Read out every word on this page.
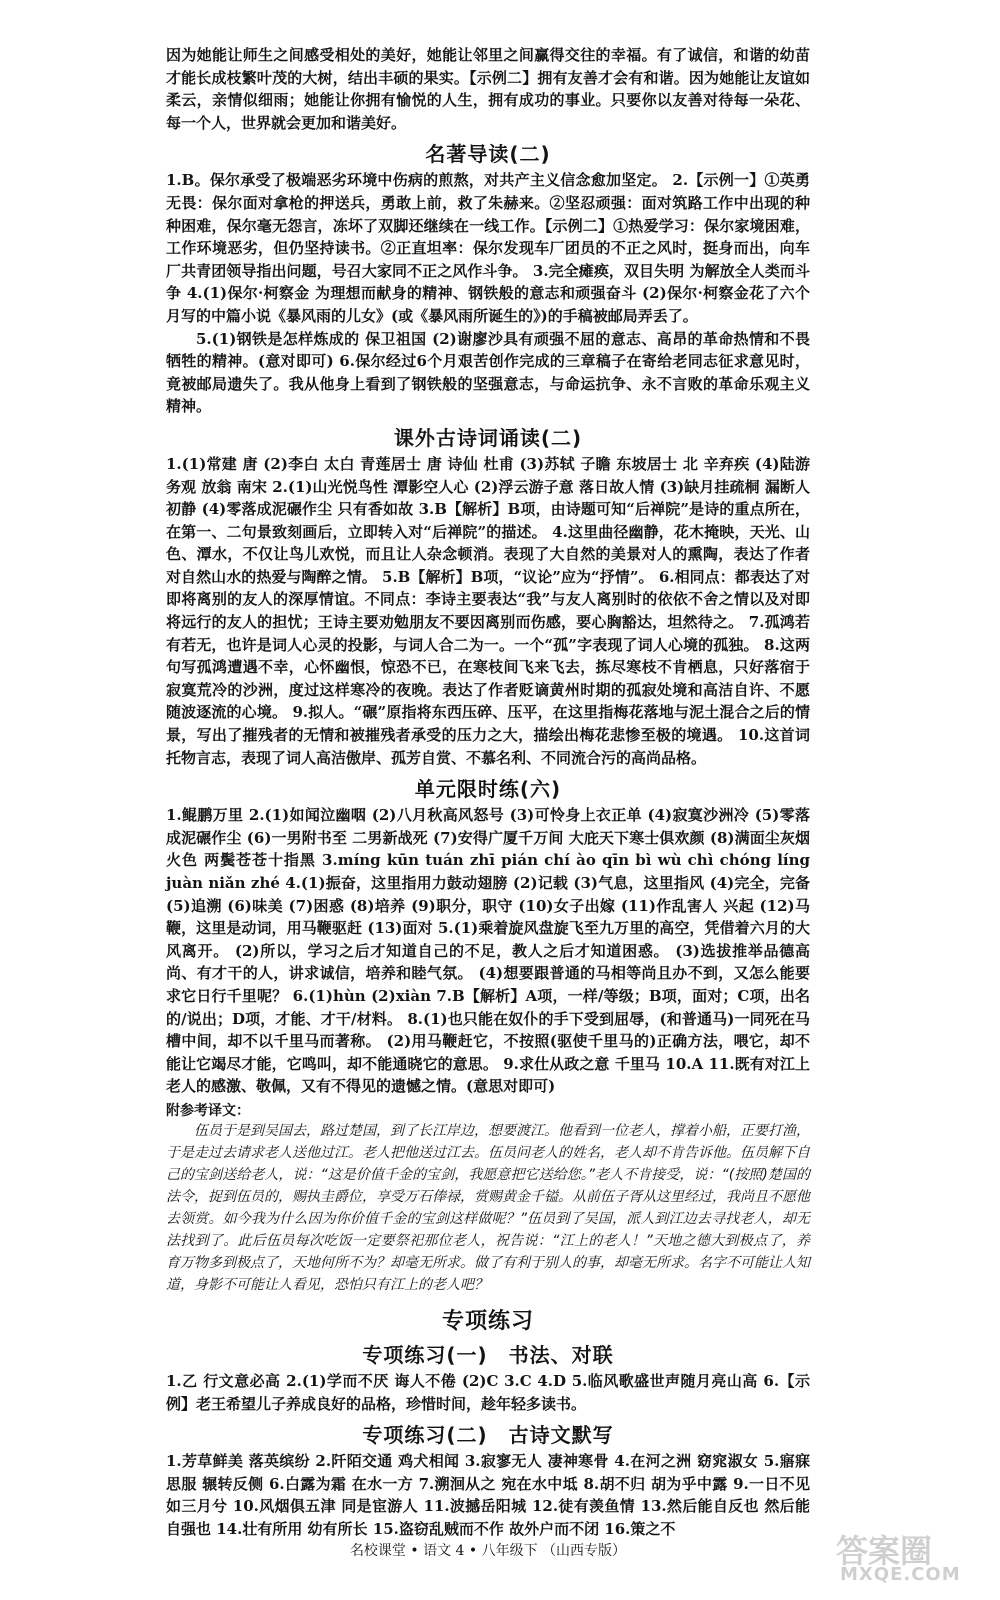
因为她能让师生之间感受相处的美好，她能让邻里之间赢得交往的幸福。有了诚信，和谐的幼苗才能长成枝繁叶茂的大树，结出丰硕的果实。【示例二】拥有友善才会有和谐。因为她能让友谊如柔云，亲情似细雨；她能让你拥有愉悦的人生，拥有成功的事业。只要你以友善对待每一朵花、每一个人，世界就会更加和谐美好。

名著导读(二)

1.B。保尔承受了极端恶劣环境中伤病的煎熬，对共产主义信念愈加坚定。 2.【示例一】①英勇无畏：保尔面对拿枪的押送兵，勇敢上前，救了朱赫来。②坚忍顽强：面对筑路工作中出现的种种困难，保尔毫无怨言，冻坏了双脚还继续在一线工作。【示例二】①热爱学习：保尔家境困难，工作环境恶劣，但仍坚持读书。②正直坦率：保尔发现车厂团员的不正之风时，挺身而出，向车厂共青团领导指出问题，号召大家同不正之风作斗争。 3.完全瘫痪，双目失明 为解放全人类而斗争 4.(1)保尔·柯察金 为理想而献身的精神、钢铁般的意志和顽强奋斗 (2)保尔·柯察金花了六个月写的中篇小说《暴风雨的儿女》(或《暴风雨所诞生的》)的手稿被邮局弄丢了。

5.(1)钢铁是怎样炼成的 保卫祖国 (2)谢廖沙具有顽强不屈的意志、高昂的革命热情和不畏牺牲的精神。(意对即可) 6.保尔经过6个月艰苦创作完成的三章稿子在寄给老同志征求意见时，竟被邮局遗失了。我从他身上看到了钢铁般的坚强意志，与命运抗争、永不言败的革命乐观主义精神。

课外古诗词诵读(二)

1.(1)常建 唐 (2)李白 太白 青莲居士 唐 诗仙 杜甫 (3)苏轼 子瞻 东坡居士 北 辛弃疾 (4)陆游 务观 放翁 南宋 2.(1)山光悦鸟性 潭影空人心 (2)浮云游子意 落日故人情 (3)缺月挂疏桐 漏断人初静 (4)零落成泥碾作尘 只有香如故 3.B【解析】B项，由诗题可知“后禅院”是诗的重点所在，在第一、二句景致刻画后，立即转入对“后禅院”的描述。 4.这里曲径幽静，花木掩映，天光、山色、潭水，不仅让鸟儿欢悦，而且让人杂念顿消。表现了大自然的美景对人的熏陶，表达了作者对自然山水的热爱与陶醉之情。 5.B【解析】B项，“议论”应为“抒情”。 6.相同点：都表达了对即将离别的友人的深厚情谊。不同点：李诗主要表达“我”与友人离别时的依依不舍之情以及对即将远行的友人的担忧；王诗主要劝勉朋友不要因离别而伤感，要心胸豁达，坦然待之。 7.孤鸿若有若无，也许是词人心灵的投影，与词人合二为一。一个“孤”字表现了词人心境的孤独。 8.这两句写孤鸿遭遇不幸，心怀幽恨，惊恐不已，在寒枝间飞来飞去，拣尽寒枝不肯栖息，只好落宿于寂寞荒冷的沙洲，度过这样寒冷的夜晚。表达了作者贬谪黄州时期的孤寂处境和高洁自许、不愿随波逐流的心境。 9.拟人。“碾”原指将东西压碎、压平，在这里指梅花落地与泥土混合之后的情景，写出了摧残者的无情和被摧残者承受的压力之大，描绘出梅花悲惨至极的境遇。 10.这首词托物言志，表现了词人高洁傲岸、孤芳自赏、不慕名利、不同流合污的高尚品格。

单元限时练(六)

1.鲲鹏万里 2.(1)如闻泣幽咽 (2)八月秋高风怒号 (3)可怜身上衣正单 (4)寂寞沙洲冷 (5)零落成泥碾作尘 (6)一男附书至 二男新战死 (7)安得广厦千万间 大庇天下寒士俱欢颜 (8)满面尘灰烟火色 两鬓苍苍十指黑 3.míng kūn tuán zhī pián chí ào qīn bì wù chì chóng líng juàn niǎn zhé 4.(1)振奋，这里指用力鼓动翅膀 (2)记载 (3)气息，这里指风 (4)完全，完备 (5)追溯 (6)味美 (7)困惑 (8)培养 (9)职分，职守 (10)女子出嫁 (11)作乱害人 兴起 (12)马鞭，这里是动词，用马鞭驱赶 (13)面对 5.(1)乘着旋风盘旋飞至九万里的高空，凭借着六月的大风离开。 (2)所以，学习之后才知道自己的不足，教人之后才知道困惑。 (3)选拔推举品德高尚、有才干的人，讲求诚信，培养和睦气氛。 (4)想要跟普通的马相等尚且办不到，又怎么能要求它日行千里呢？ 6.(1)hùn (2)xiàn 7.B【解析】A项，一样/等级；B项，面对；C项，出名的/说出；D项，才能、才干/材料。 8.(1)也只能在奴仆的手下受到屈辱，(和普通马)一同死在马槽中间，却不以千里马而著称。 (2)用马鞭赶它，不按照(驱使千里马的)正确方法，喂它，却不能让它竭尽才能，它鸣叫，却不能通晓它的意思。 9.求仕从政之意 千里马 10.A 11.既有对江上老人的感激、敬佩，又有不得见的遗憾之情。(意思对即可)

附参考译文：

伍员于是到吴国去，路过楚国，到了长江岸边，想要渡江。他看到一位老人，撑着小船，正要打渔，于是走过去请求老人送他过江。老人把他送过江去。伍员问老人的姓名，老人却不肯告诉他。伍员解下自己的宝剑送给老人，说：“这是价值千金的宝剑，我愿意把它送给您。”老人不肯接受，说：“(按照)楚国的法令，捉到伍员的，赐执圭爵位，享受万石俸禄，赏赐黄金千镒。从前伍子胥从这里经过，我尚且不愿他去领赏。如今我为什么因为你价值千金的宝剑这样做呢？”伍员到了吴国，派人到江边去寻找老人，却无法找到了。此后伍员每次吃饭一定要祭祀那位老人，祝告说：“江上的老人！”天地之德大到极点了，养育万物多到极点了，天地何所不为？却毫无所求。做了有利于别人的事，却毫无所求。名字不可能让人知道，身影不可能让人看见，恐怕只有江上的老人吧？

专项练习
专项练习(一)　书法、对联

1.乙 行文意必高 2.(1)学而不厌 诲人不倦 (2)C 3.C 4.D 5.临风歌盛世声随月亮山高 6.【示例】老王希望儿子养成良好的品格，珍惜时间，趁年轻多读书。

专项练习(二)　古诗文默写

1.芳草鲜美 落英缤纷 2.阡陌交通 鸡犬相闻 3.寂寥无人 凄神寒骨 4.在河之洲 窈窕淑女 5.寤寐思服 辗转反侧 6.白露为霜 在水一方 7.溯洄从之 宛在水中坻 8.胡不归 胡为乎中露 9.一日不见 如三月兮 10.风烟俱五津 同是宦游人 11.波撼岳阳城 12.徒有羡鱼情 13.然后能自反也 然后能自强也 14.壮有所用 幼有所长 15.盗窃乱贼而不作 故外户而不闭 16.策之不

名校课堂 • 语文 4 • 八年级下 （山西专版）	答案圈
MXQE.COM
